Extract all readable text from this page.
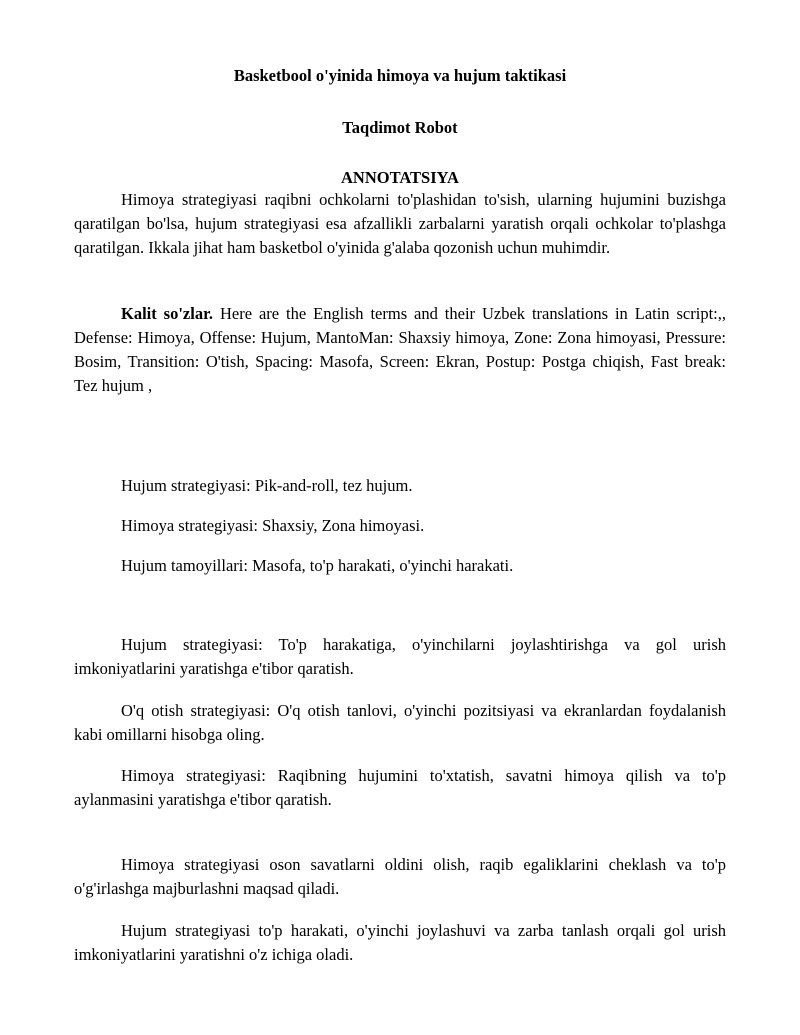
Basketbool o'yinida himoya va hujum taktikasi
Taqdimot Robot
ANNOTATSIYA

Himoya strategiyasi raqibni ochkolarni to'plashidan to'sish, ularning hujumini buzishga qaratilgan bo'lsa, hujum strategiyasi esa afzallikli zarbalarni yaratish orqali ochkolar to'plashga qaratilgan. Ikkala jihat ham basketbol o'yinida g'alaba qozonish uchun muhimdir.

Kalit so'zlar. Here are the English terms and their Uzbek translations in Latin script:,, Defense: Himoya, Offense: Hujum, MantoMan: Shaxsiy himoya, Zone: Zona himoyasi, Pressure: Bosim, Transition: O'tish, Spacing: Masofa, Screen: Ekran, Postup: Postga chiqish, Fast break: Tez hujum ,

Hujum strategiyasi: Pik-and-roll, tez hujum.

Himoya strategiyasi: Shaxsiy, Zona himoyasi.

Hujum tamoyillari: Masofa, to'p harakati, o'yinchi harakati.

Hujum strategiyasi: To'p harakatiga, o'yinchilarni joylashtirishga va gol urish imkoniyatlarini yaratishga e'tibor qaratish.

O'q otish strategiyasi: O'q otish tanlovi, o'yinchi pozitsiyasi va ekranlardan foydalanish kabi omillarni hisobga oling.

Himoya strategiyasi: Raqibning hujumini to'xtatish, savatni himoya qilish va to'p aylanmasini yaratishga e'tibor qaratish.

Himoya strategiyasi oson savatlarni oldini olish, raqib egaliklarini cheklash va to'p o'g'irlashga majburlashni maqsad qiladi.

Hujum strategiyasi to'p harakati, o'yinchi joylashuvi va zarba tanlash orqali gol urish imkoniyatlarini yaratishni o'z ichiga oladi.
